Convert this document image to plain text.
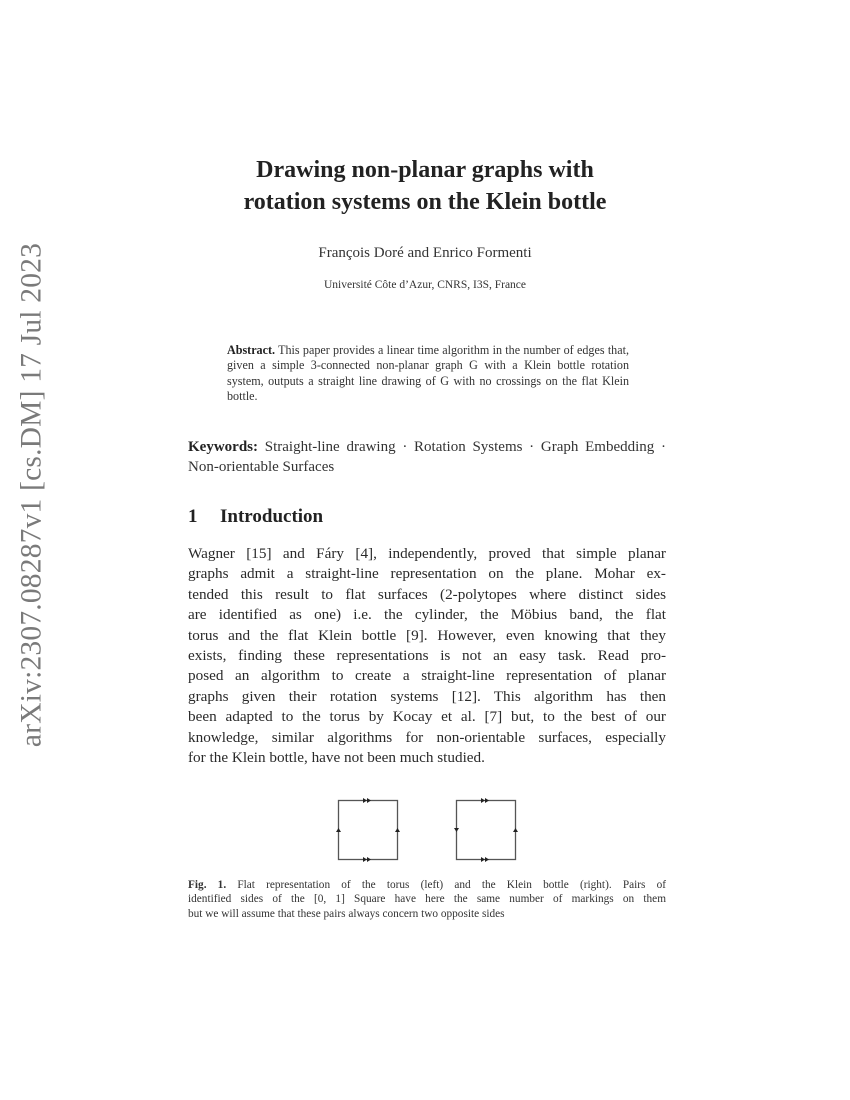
arXiv:2307.08287v1 [cs.DM] 17 Jul 2023
Drawing non-planar graphs with
rotation systems on the Klein bottle
François Doré and Enrico Formenti
Université Côte d’Azur, CNRS, I3S, France
Abstract. This paper provides a linear time algorithm in the number of edges that, given a simple 3-connected non-planar graph G with a Klein bottle rotation system, outputs a straight line drawing of G with no crossings on the flat Klein bottle.
Keywords: Straight-line drawing · Rotation Systems · Graph Embedding · Non-orientable Surfaces
1 Introduction
Wagner [15] and Fáry [4], independently, proved that simple planar
graphs admit a straight-line representation on the plane. Mohar ex-
tended this result to flat surfaces (2-polytopes where distinct sides
are identified as one) i.e. the cylinder, the Möbius band, the flat
torus and the flat Klein bottle [9]. However, even knowing that they
exists, finding these representations is not an easy task. Read pro-
posed an algorithm to create a straight-line representation of planar
graphs given their rotation systems [12]. This algorithm has then
been adapted to the torus by Kocay et al. [7] but, to the best of our
knowledge, similar algorithms for non-orientable surfaces, especially
for the Klein bottle, have not been much studied.
Fig. 1. Flat representation of the torus (left) and the Klein bottle (right). Pairs of
identified sides of the [0, 1] Square have here the same number of markings on them
but we will assume that these pairs always concern two opposite sides
